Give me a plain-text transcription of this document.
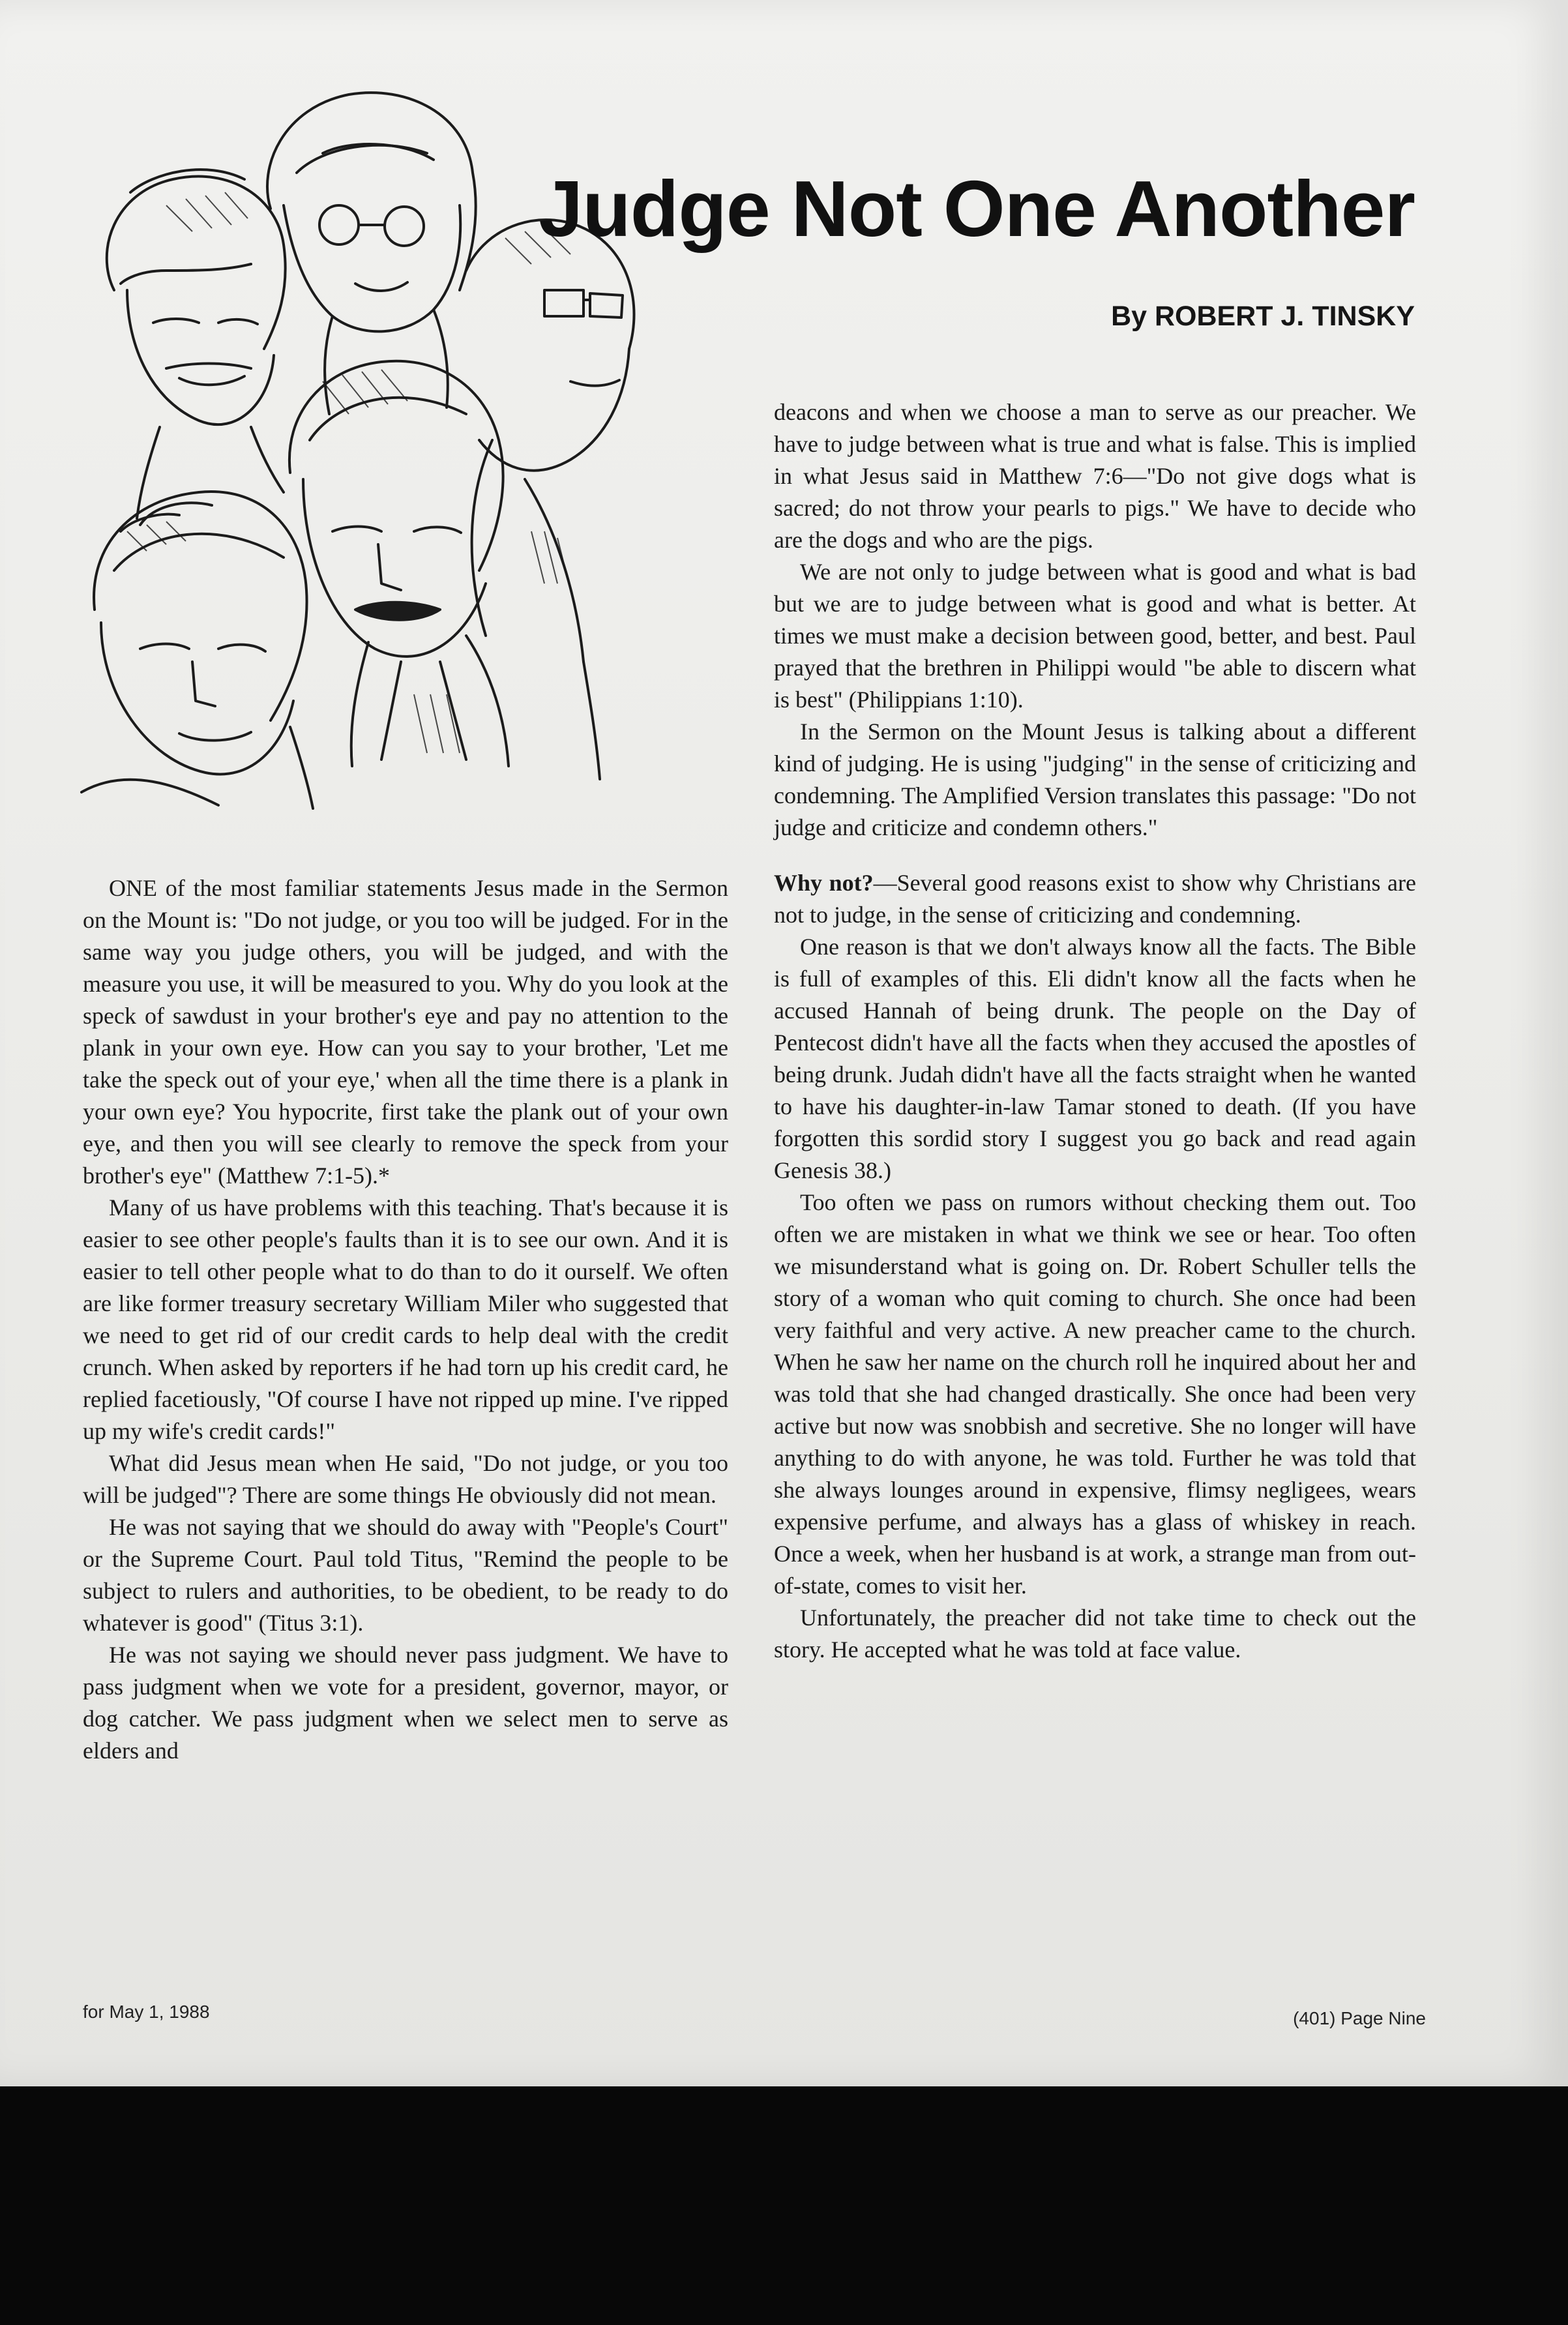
Judge Not One Another
By ROBERT J. TINSKY

ONE of the most familiar statements Jesus made in the Sermon on the Mount is: "Do not judge, or you too will be judged. For in the same way you judge others, you will be judged, and with the measure you use, it will be measured to you. Why do you look at the speck of sawdust in your brother's eye and pay no attention to the plank in your own eye. How can you say to your brother, 'Let me take the speck out of your eye,' when all the time there is a plank in your own eye? You hypocrite, first take the plank out of your own eye, and then you will see clearly to remove the speck from your brother's eye" (Matthew 7:1-5).*

Many of us have problems with this teaching. That's because it is easier to see other people's faults than it is to see our own. And it is easier to tell other people what to do than to do it ourself. We often are like former treasury secretary William Miler who suggested that we need to get rid of our credit cards to help deal with the credit crunch. When asked by reporters if he had torn up his credit card, he replied facetiously, "Of course I have not ripped up mine. I've ripped up my wife's credit cards!"

What did Jesus mean when He said, "Do not judge, or you too will be judged"? There are some things He obviously did not mean.

He was not saying that we should do away with "People's Court" or the Supreme Court. Paul told Titus, "Remind the people to be subject to rulers and authorities, to be obedient, to be ready to do whatever is good" (Titus 3:1).

He was not saying we should never pass judgment. We have to pass judgment when we vote for a president, governor, mayor, or dog catcher. We pass judgment when we select men to serve as elders and

deacons and when we choose a man to serve as our preacher. We have to judge between what is true and what is false. This is implied in what Jesus said in Matthew 7:6—"Do not give dogs what is sacred; do not throw your pearls to pigs." We have to decide who are the dogs and who are the pigs.

We are not only to judge between what is good and what is bad but we are to judge between what is good and what is better. At times we must make a decision between good, better, and best. Paul prayed that the brethren in Philippi would "be able to discern what is best" (Philippians 1:10).

In the Sermon on the Mount Jesus is talking about a different kind of judging. He is using "judging" in the sense of criticizing and condemning. The Amplified Version translates this passage: "Do not judge and criticize and condemn others."

Why not?—Several good reasons exist to show why Christians are not to judge, in the sense of criticizing and condemning.

One reason is that we don't always know all the facts. The Bible is full of examples of this. Eli didn't know all the facts when he accused Hannah of being drunk. The people on the Day of Pentecost didn't have all the facts when they accused the apostles of being drunk. Judah didn't have all the facts straight when he wanted to have his daughter-in-law Tamar stoned to death. (If you have forgotten this sordid story I suggest you go back and read again Genesis 38.)

Too often we pass on rumors without checking them out. Too often we are mistaken in what we think we see or hear. Too often we misunderstand what is going on. Dr. Robert Schuller tells the story of a woman who quit coming to church. She once had been very faithful and very active. A new preacher came to the church. When he saw her name on the church roll he inquired about her and was told that she had changed drastically. She once had been very active but now was snobbish and secretive. She no longer will have anything to do with anyone, he was told. Further he was told that she always lounges around in expensive, flimsy negligees, wears expensive perfume, and always has a glass of whiskey in reach. Once a week, when her husband is at work, a strange man from out-of-state, comes to visit her.

Unfortunately, the preacher did not take time to check out the story. He accepted what he was told at face value.

for May 1, 1988	(401) Page Nine
